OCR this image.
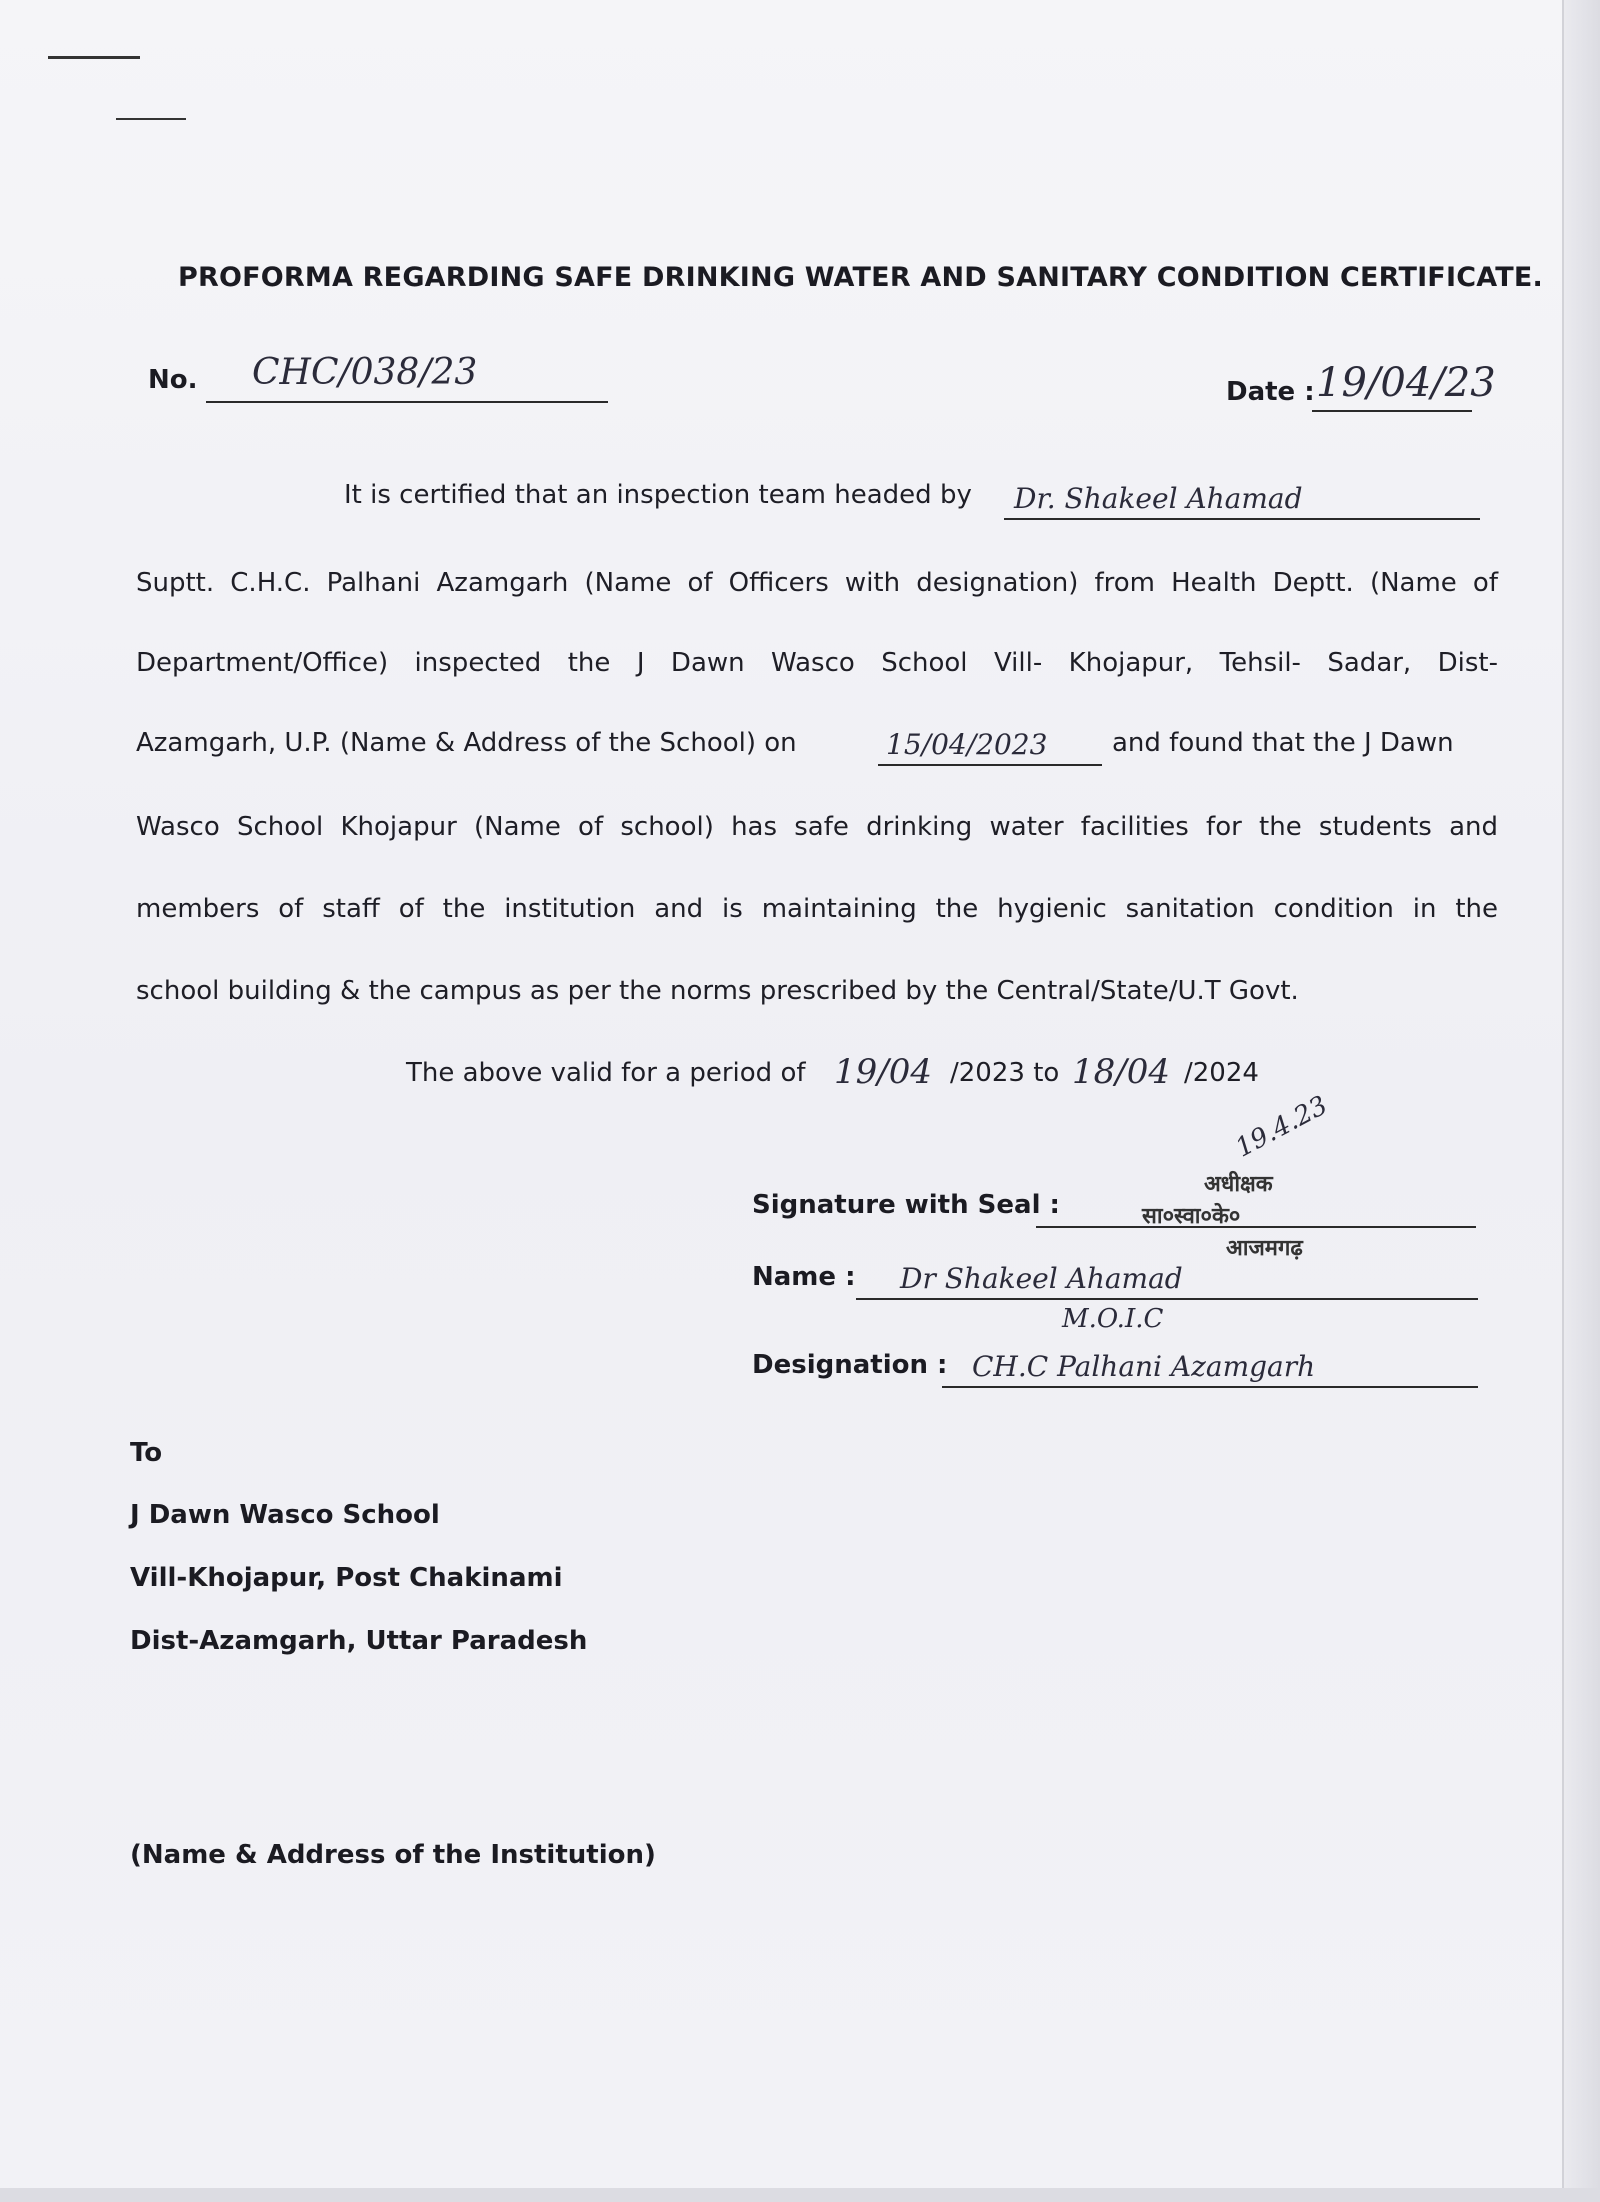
PROFORMA REGARDING SAFE DRINKING WATER AND SANITARY CONDITION CERTIFICATE.
No. CHC/038/23	Date : 19/04/23
It is certified that an inspection team headed by Dr. Shakeel Ahamad
Suptt. C.H.C. Palhani Azamgarh (Name of Officers with designation) from Health Deptt. (Name of
Department/Office) inspected the J Dawn Wasco School Vill- Khojapur, Tehsil- Sadar, Dist-
Azamgarh, U.P. (Name & Address of the School) on	15/04/2023 and found that the J Dawn
Wasco School Khojapur (Name of school) has safe drinking water facilities for the students and
members of staff of the institution and is maintaining the hygienic sanitation condition in the
school building & the campus as per the norms prescribed by the Central/State/U.T Govt.
The above valid for a period of 19/04 /2023 to 18/04 /2024
Signature with Seal :
19.4.23
अधीक्षक
सा०स्वा०के०
आजमगढ़
Name : Dr Shakeel Ahamad
M.O.I.C
Designation : CH.C Palhani Azamgarh
To
J Dawn Wasco School
Vill-Khojapur, Post Chakinami
Dist-Azamgarh, Uttar Paradesh
(Name & Address of the Institution)
